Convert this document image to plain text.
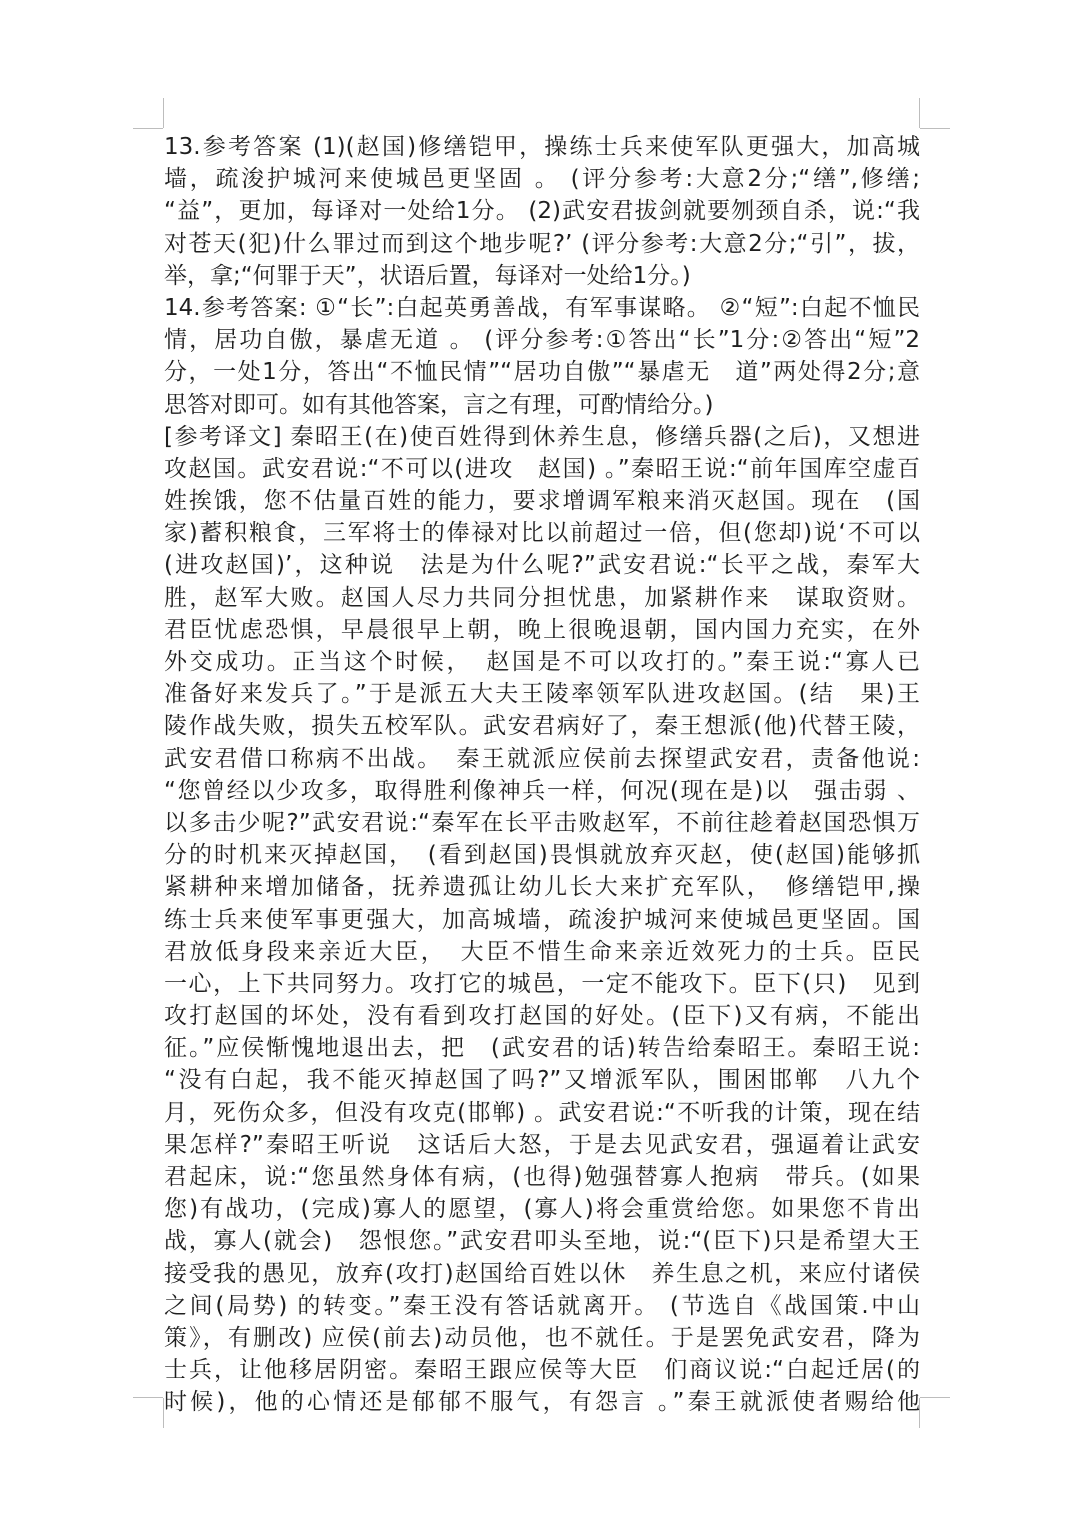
13.参考答案 (1)(赵国)修缮铠甲，操练士兵来使军队更强大，加高城
墙，疏浚护城河来使城邑更坚固 。 (评分参考:大意2分;“缮”,修缮;
“益”，更加，每译对一处给1分。 (2)武安君拔剑就要刎颈自杀，说:“我
对苍天(犯)什么罪过而到这个地步呢?’ (评分参考:大意2分;“引”，拔，
举，拿;“何罪于天”，状语后置，每译对一处给1分。)
14.参考答案: ①“长”:白起英勇善战，有军事谋略。 ②“短”:白起不恤民
情，居功自傲，暴虐无道 。 (评分参考:①答出“长”1分:②答出“短”2
分，一处1分，答出“不恤民情”“居功自傲”“暴虐无　道”两处得2分;意
思答对即可。如有其他答案，言之有理，可酌情给分。)
[参考译文] 秦昭王(在)使百姓得到休养生息，修缮兵器(之后)，又想进
攻赵国。武安君说:“不可以(进攻　赵国) 。”秦昭王说:“前年国库空虚百
姓挨饿，您不估量百姓的能力，要求增调军粮来消灭赵国。现在　(国
家)蓄积粮食，三军将士的俸禄对比以前超过一倍，但(您却)说‘不可以
(进攻赵国)’，这种说　法是为什么呢?”武安君说:“长平之战，秦军大
胜，赵军大败。赵国人尽力共同分担忧患，加紧耕作来　谋取资财。
君臣忧虑恐惧，早晨很早上朝，晚上很晚退朝，国内国力充实，在外
外交成功。正当这个时候，　赵国是不可以攻打的。”秦王说:“寡人已
准备好来发兵了。”于是派五大夫王陵率领军队进攻赵国。(结　果)王
陵作战失败，损失五校军队。武安君病好了，秦王想派(他)代替王陵，
武安君借口称病不出战。　秦王就派应侯前去探望武安君，责备他说:
“您曾经以少攻多，取得胜利像神兵一样，何况(现在是)以　强击弱 、
以多击少呢?”武安君说:“秦军在长平击败赵军，不前往趁着赵国恐惧万
分的时机来灭掉赵国，　(看到赵国)畏惧就放弃灭赵，使(赵国)能够抓
紧耕种来增加储备，抚养遗孤让幼儿长大来扩充军队，　修缮铠甲,操
练士兵来使军事更强大，加高城墙，疏浚护城河来使城邑更坚固。国
君放低身段来亲近大臣，　大臣不惜生命来亲近效死力的士兵。臣民
一心，上下共同努力。攻打它的城邑，一定不能攻下。臣下(只)　见到
攻打赵国的坏处，没有看到攻打赵国的好处。(臣下)又有病，不能出
征。”应侯惭愧地退出去，把　(武安君的话)转告给秦昭王。秦昭王说:
“没有白起，我不能灭掉赵国了吗?”又增派军队，围困邯郸　八九个
月，死伤众多，但没有攻克(邯郸) 。武安君说:“不听我的计策，现在结
果怎样?”秦昭王听说　这话后大怒，于是去见武安君，强逼着让武安
君起床，说:“您虽然身体有病，(也得)勉强替寡人抱病　带兵。(如果
您)有战功，(完成)寡人的愿望，(寡人)将会重赏给您。如果您不肯出
战，寡人(就会)　怨恨您。”武安君叩头至地，说:“(臣下)只是希望大王
接受我的愚见，放弃(攻打)赵国给百姓以休　养生息之机，来应付诸侯
之间(局势) 的转变。”秦王没有答话就离开。 (节选自《战国策.中山
策》，有删改) 应侯(前去)动员他，也不就任。于是罢免武安君，降为
士兵，让他移居阴密。秦昭王跟应侯等大臣　们商议说:“白起迁居(的
时候)，他的心情还是郁郁不服气，有怨言 。”秦王就派使者赐给他
